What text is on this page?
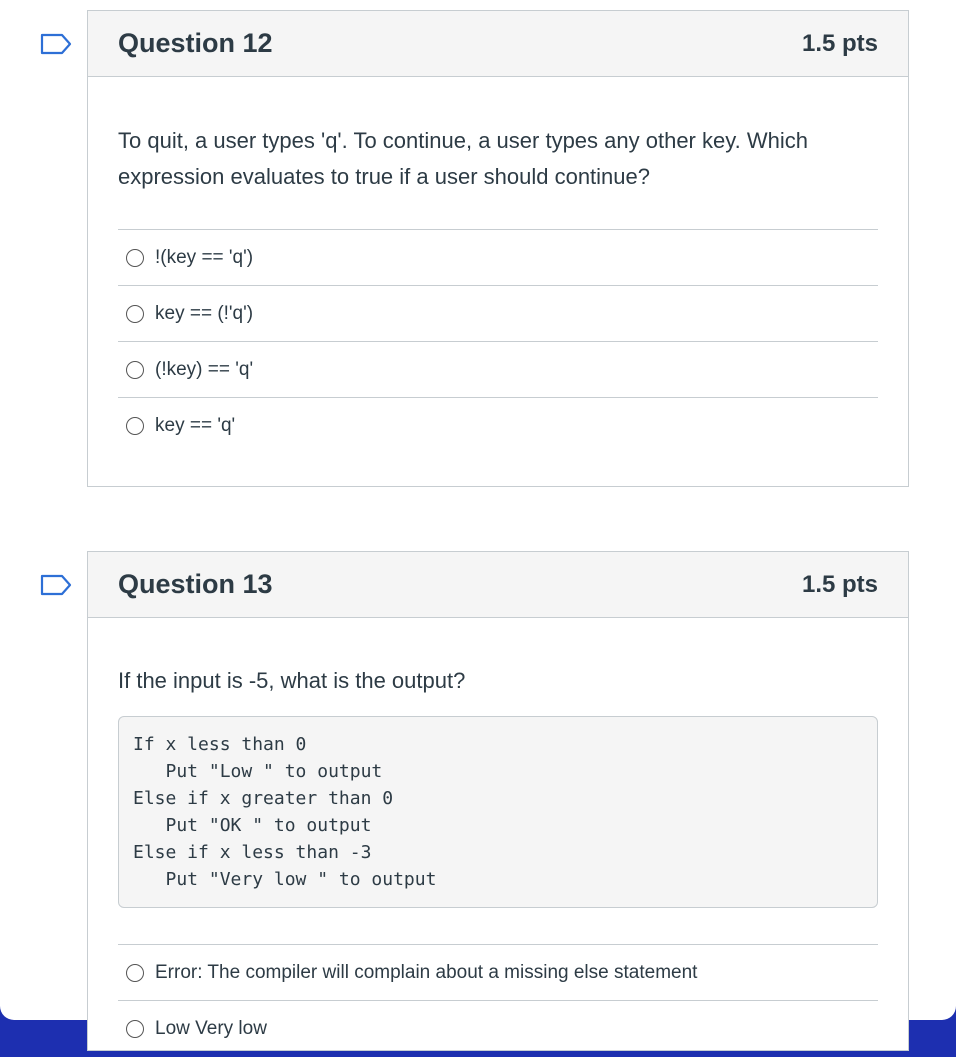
Question 12	1.5 pts
To quit, a user types 'q'. To continue, a user types any other key. Which expression evaluates to true if a user should continue?
!(key == 'q')
key == (!'q')
(!key) == 'q'
key == 'q'
Question 13	1.5 pts
If the input is -5, what is the output?
If x less than 0
Put "Low " to output
Else if x greater than 0
Put "OK " to output
Else if x less than -3
Put "Very low " to output
Error: The compiler will complain about a missing else statement
Low Very low
